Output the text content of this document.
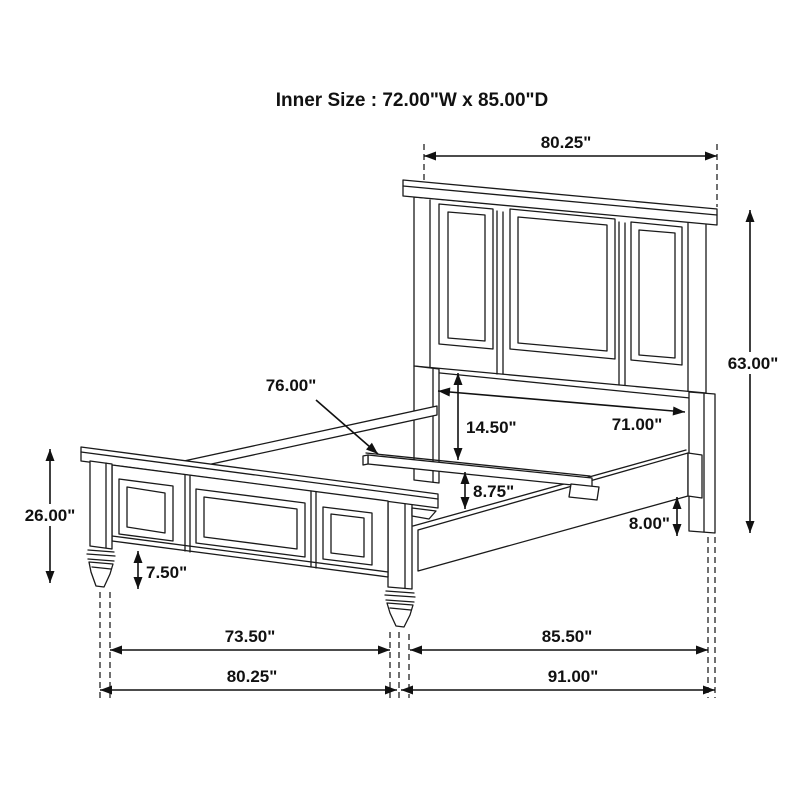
80.25"
63.00"
71.00"
14.50"
8.75"
8.00"
76.00"
26.00"
7.50"
73.50"	85.50"
80.25"	91.00"
Inner Size : 72.00"W x 85.00"D
